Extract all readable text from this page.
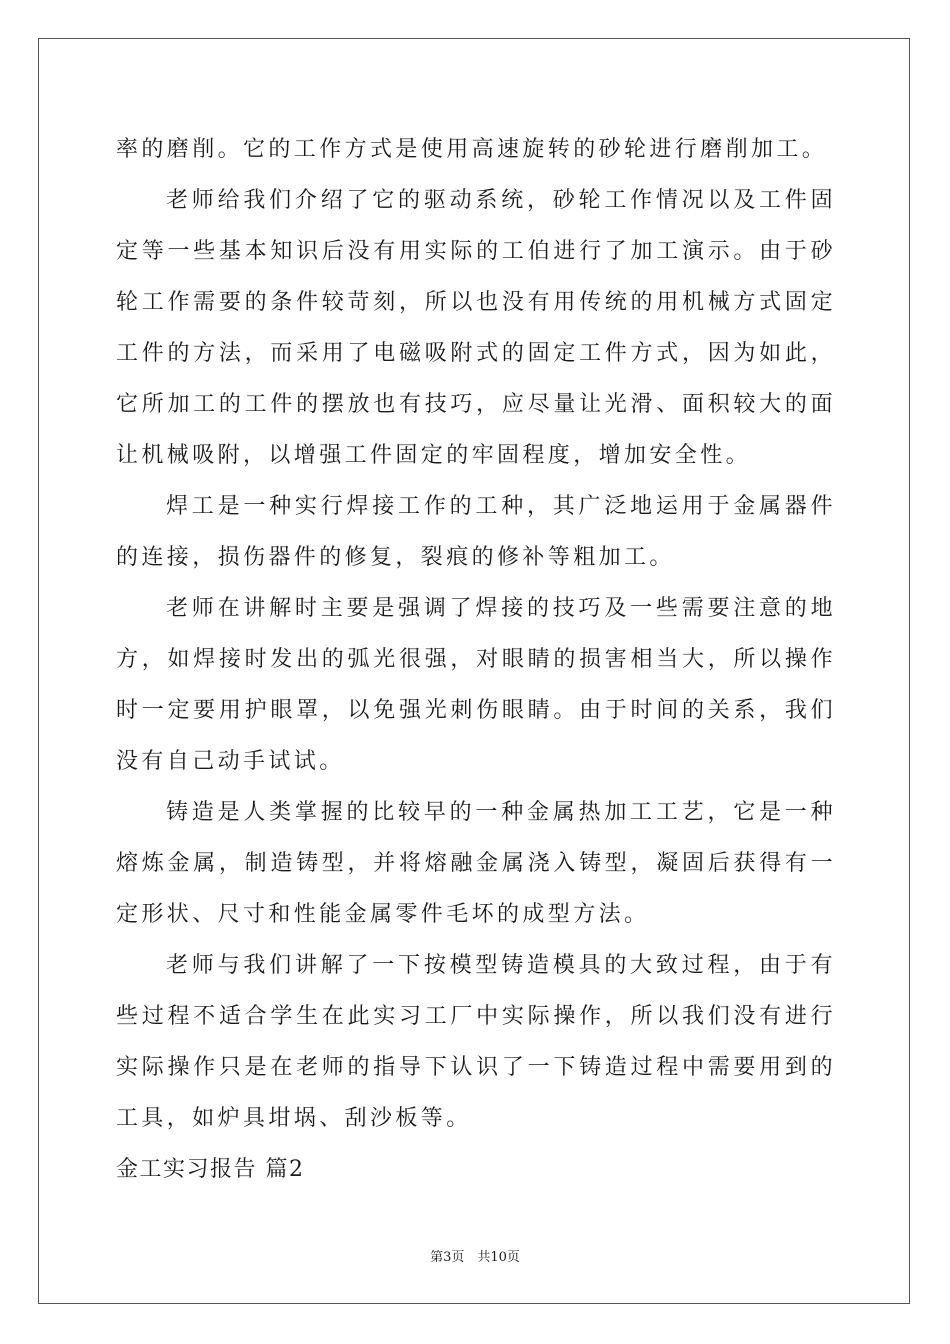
率的磨削。它的工作方式是使用高速旋转的砂轮进行磨削加工。

老师给我们介绍了它的驱动系统，砂轮工作情况以及工件固定等一些基本知识后没有用实际的工伯进行了加工演示。由于砂轮工作需要的条件较苛刻，所以也没有用传统的用机械方式固定工件的方法，而采用了电磁吸附式的固定工件方式，因为如此，它所加工的工件的摆放也有技巧，应尽量让光滑、面积较大的面让机械吸附，以增强工件固定的牢固程度，增加安全性。

焊工是一种实行焊接工作的工种，其广泛地运用于金属器件的连接，损伤器件的修复，裂痕的修补等粗加工。

老师在讲解时主要是强调了焊接的技巧及一些需要注意的地方，如焊接时发出的弧光很强，对眼睛的损害相当大，所以操作时一定要用护眼罩，以免强光刺伤眼睛。由于时间的关系，我们没有自己动手试试。

铸造是人类掌握的比较早的一种金属热加工工艺，它是一种熔炼金属，制造铸型，并将熔融金属浇入铸型，凝固后获得有一定形状、尺寸和性能金属零件毛坏的成型方法。

老师与我们讲解了一下按模型铸造模具的大致过程，由于有些过程不适合学生在此实习工厂中实际操作，所以我们没有进行实际操作只是在老师的指导下认识了一下铸造过程中需要用到的工具，如炉具坩埚、刮沙板等。

金工实习报告 篇2

第3页　共10页
